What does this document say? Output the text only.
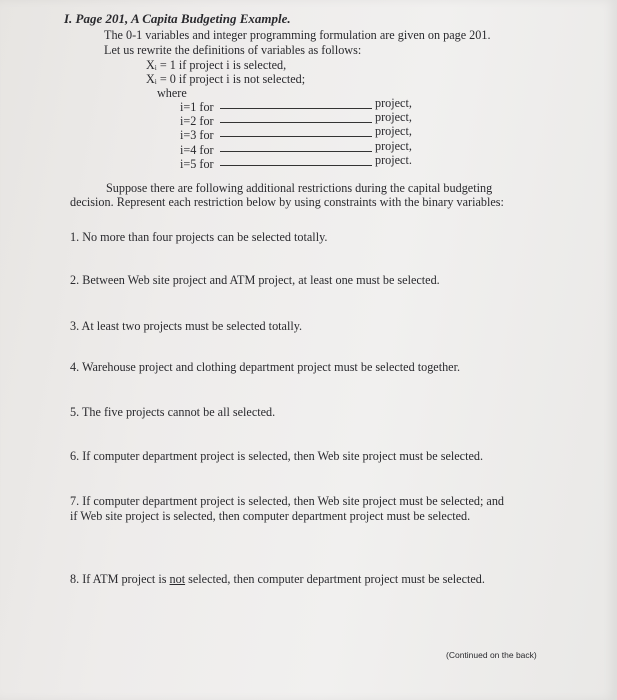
I. Page 201, A Capita Budgeting Example.
The 0-1 variables and integer programming formulation are given on page 201.
Let us rewrite the definitions of variables as follows:
Xᵢ = 1 if project i is selected,
Xᵢ = 0 if project i is not selected;
where
i=1 for	project,
i=2 for	project,
i=3 for	project,
i=4 for	project,
i=5 for	project.
Suppose there are following additional restrictions during the capital budgeting
decision. Represent each restriction below by using constraints with the binary variables:
1. No more than four projects can be selected totally.
2. Between Web site project and ATM project, at least one must be selected.
3. At least two projects must be selected totally.
4. Warehouse project and clothing department project must be selected together.
5. The five projects cannot be all selected.
6. If computer department project is selected, then Web site project must be selected.
7. If computer department project is selected, then Web site project must be selected; and
if Web site project is selected, then computer department project must be selected.
8. If ATM project is not selected, then computer department project must be selected.
(Continued on the back)
